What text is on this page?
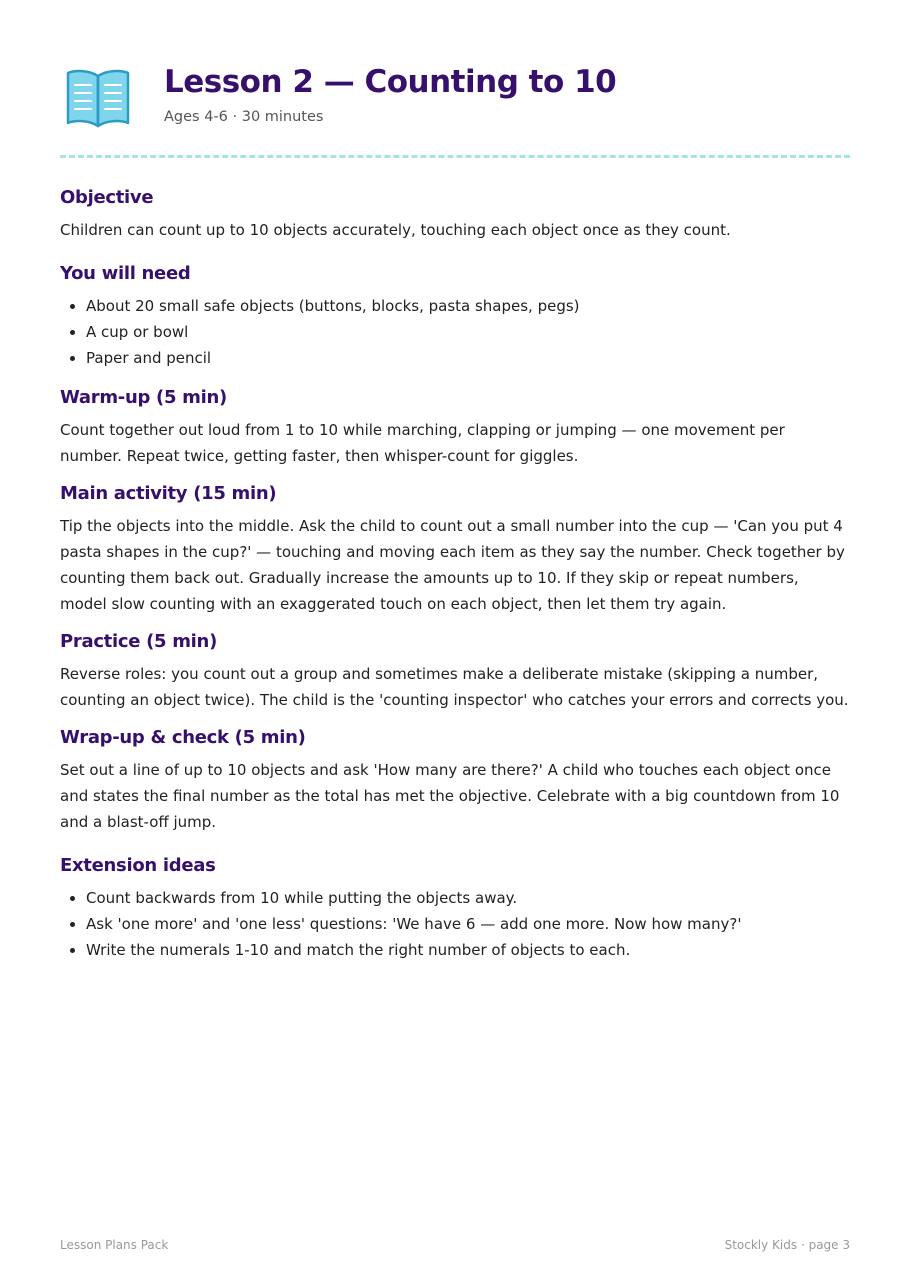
Lesson 2 — Counting to 10

Ages 4-6 · 30 minutes

Objective

Children can count up to 10 objects accurately, touching each object once as they count.

You will need
• About 20 small safe objects (buttons, blocks, pasta shapes, pegs)
• A cup or bowl
• Paper and pencil
Warm-up (5 min)

Count together out loud from 1 to 10 while marching, clapping or jumping — one movement per number. Repeat twice, getting faster, then whisper-count for giggles.

Main activity (15 min)

Tip the objects into the middle. Ask the child to count out a small number into the cup — 'Can you put 4 pasta shapes in the cup?' — touching and moving each item as they say the number. Check together by counting them back out. Gradually increase the amounts up to 10. If they skip or repeat numbers, model slow counting with an exaggerated touch on each object, then let them try again.

Practice (5 min)

Reverse roles: you count out a group and sometimes make a deliberate mistake (skipping a number, counting an object twice). The child is the 'counting inspector' who catches your errors and corrects you.

Wrap-up & check (5 min)

Set out a line of up to 10 objects and ask 'How many are there?' A child who touches each object once and states the final number as the total has met the objective. Celebrate with a big countdown from 10 and a blast-off jump.

Extension ideas
• Count backwards from 10 while putting the objects away.
• Ask 'one more' and 'one less' questions: 'We have 6 — add one more. Now how many?'
• Write the numerals 1-10 and match the right number of objects to each.
Lesson Plans Pack	Stockly Kids · page 3
